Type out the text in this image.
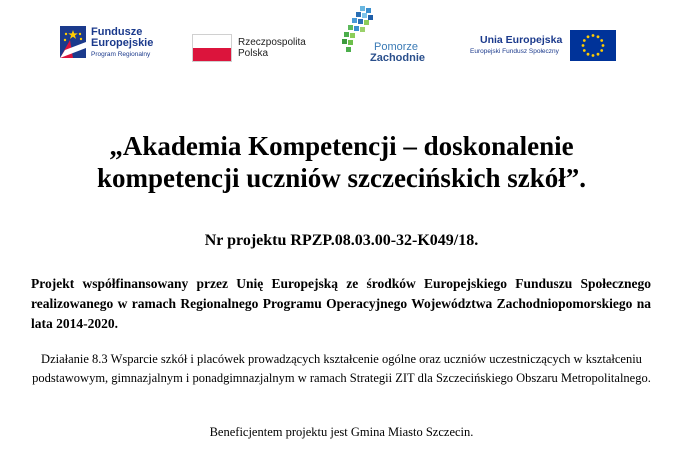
Fundusze
Europejskie
Program Regionalny
Rzeczpospolita
Polska
Pomorze
Zachodnie
Unia Europejska
Europejski Fundusz Społeczny
„Akademia Kompetencji – doskonalenie
kompetencji uczniów szczecińskich szkół”.
Nr projektu RPZP.08.03.00-32-K049/18.
Projekt współfinansowany przez Unię Europejską ze środków Europejskiego Funduszu Społecznego realizowanego w ramach Regionalnego Programu Operacyjnego Województwa Zachodniopomorskiego na lata 2014-2020.
Działanie 8.3 Wsparcie szkół i placówek prowadzących kształcenie ogólne oraz uczniów uczestniczących w kształceniu podstawowym, gimnazjalnym i ponadgimnazjalnym w ramach Strategii ZIT dla Szczecińskiego Obszaru Metropolitalnego.
Beneficjentem projektu jest Gmina Miasto Szczecin.
